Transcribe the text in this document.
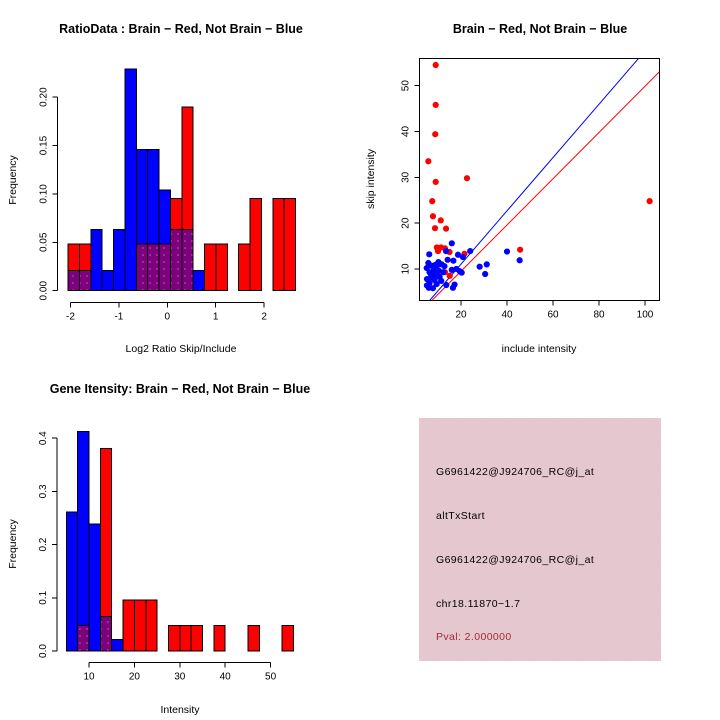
0.00
0.05
0.10
0.15
0.20
-2	-1	0	1	2
RatioData : Brain − Red, Not Brain − Blue
Log2 Ratio Skip/Include
Frequency
20	40	60	80	100
10
20
30
40
50
Brain − Red, Not Brain − Blue
include intensity
skip intensity
0.0
0.1
0.2
0.3
0.4
10	20	30	40	50
Gene Itensity: Brain − Red, Not Brain − Blue
Intensity
Frequency
G6961422@J924706_RC@j_at
altTxStart
G6961422@J924706_RC@j_at
chr18.11870−1.7
Pval: 2.000000
